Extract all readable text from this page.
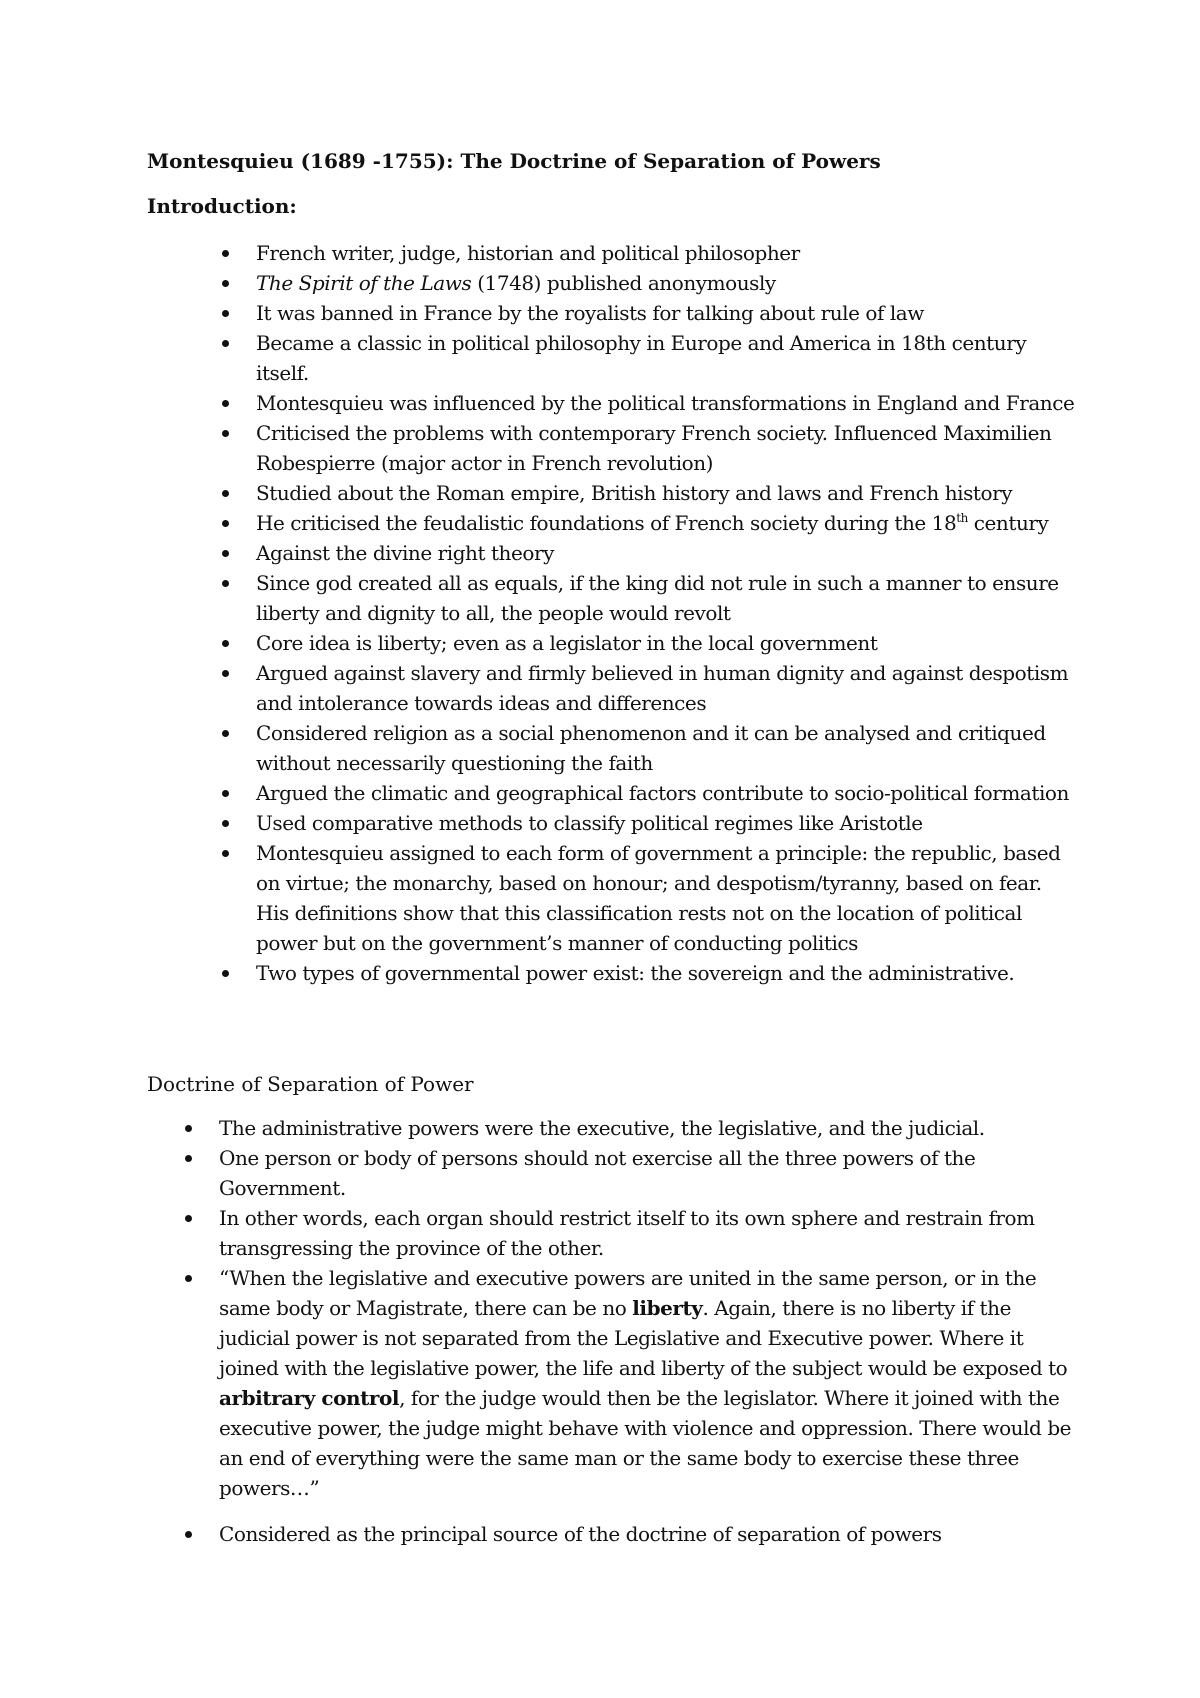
Montesquieu (1689 -1755): The Doctrine of Separation of Powers
Introduction:
French writer, judge, historian and political philosopher
The Spirit of the Laws (1748) published anonymously
It was banned in France by the royalists for talking about rule of law
Became a classic in political philosophy in Europe and America in 18th century itself.
Montesquieu was influenced by the political transformations in England and France
Criticised the problems with contemporary French society. Influenced Maximilien Robespierre (major actor in French revolution)
Studied about the Roman empire, British history and laws and French history
He criticised the feudalistic foundations of French society during the 18th century
Against the divine right theory
Since god created all as equals, if the king did not rule in such a manner to ensure liberty and dignity to all, the people would revolt
Core idea is liberty; even as a legislator in the local government
Argued against slavery and firmly believed in human dignity and against despotism and intolerance towards ideas and differences
Considered religion as a social phenomenon and it can be analysed and critiqued without necessarily questioning the faith
Argued the climatic and geographical factors contribute to socio-political formation
Used comparative methods to classify political regimes like Aristotle
Montesquieu assigned to each form of government a principle: the republic, based on virtue; the monarchy, based on honour; and despotism/tyranny, based on fear. His definitions show that this classification rests not on the location of political power but on the government’s manner of conducting politics
Two types of governmental power exist: the sovereign and the administrative.
Doctrine of Separation of Power
The administrative powers were the executive, the legislative, and the judicial.
One person or body of persons should not exercise all the three powers of the Government.
In other words, each organ should restrict itself to its own sphere and restrain from transgressing the province of the other.
“When the legislative and executive powers are united in the same person, or in the same body or Magistrate, there can be no liberty. Again, there is no liberty if the judicial power is not separated from the Legislative and Executive power. Where it joined with the legislative power, the life and liberty of the subject would be exposed to arbitrary control, for the judge would then be the legislator. Where it joined with the executive power, the judge might behave with violence and oppression. There would be an end of everything were the same man or the same body to exercise these three powers…”
Considered as the principal source of the doctrine of separation of powers
